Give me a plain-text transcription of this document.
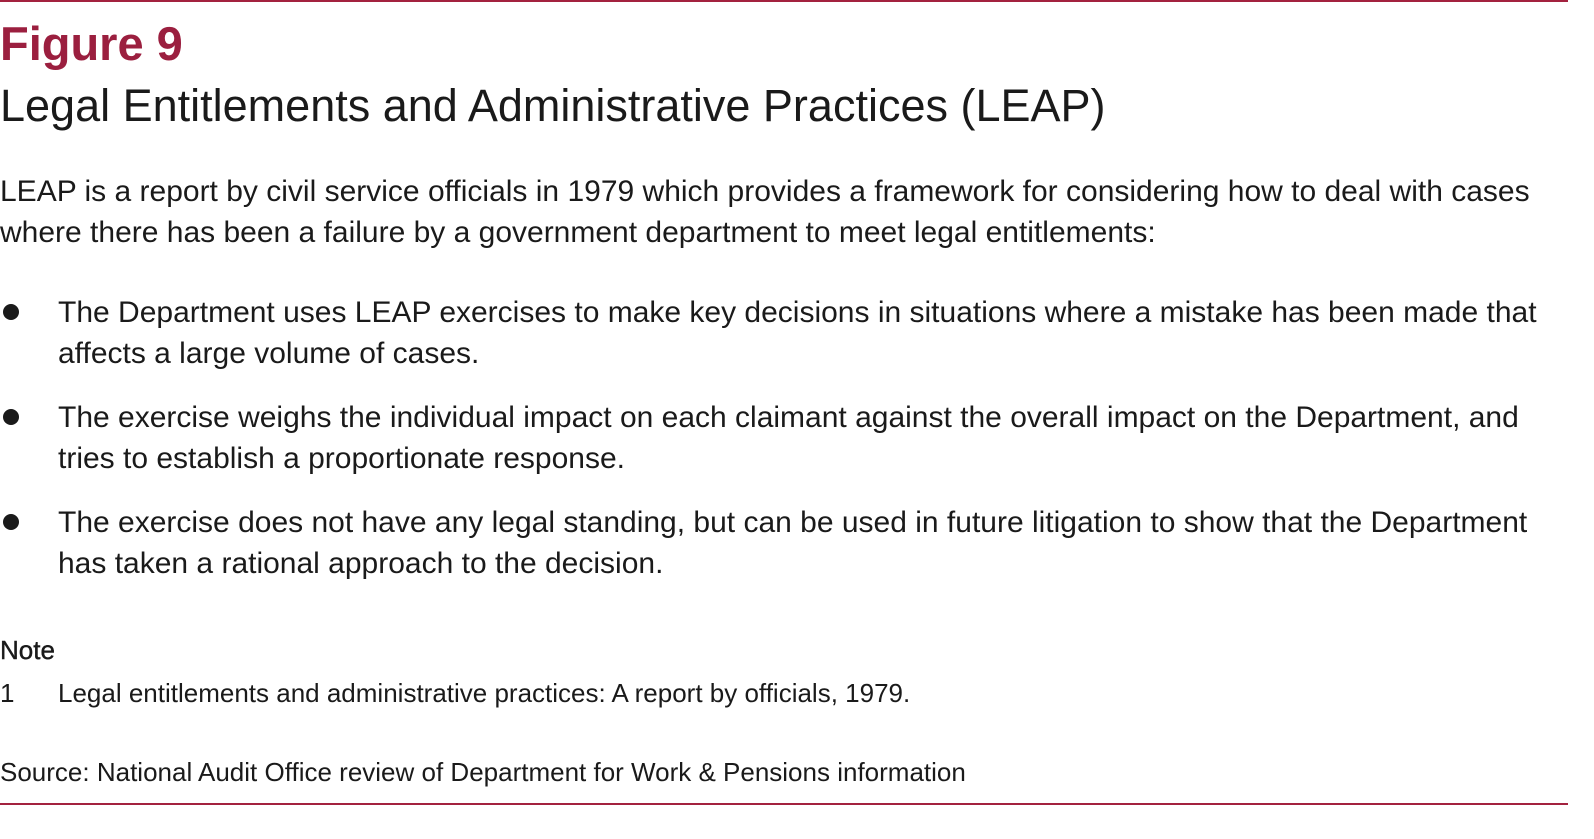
Figure 9
Legal Entitlements and Administrative Practices (LEAP)

LEAP is a report by civil service officials in 1979 which provides a framework for considering how to deal with cases where there has been a failure by a government department to meet legal entitlements:

The Department uses LEAP exercises to make key decisions in situations where a mistake has been made that affects a large volume of cases.
The exercise weighs the individual impact on each claimant against the overall impact on the Department, and tries to establish a proportionate response.
The exercise does not have any legal standing, but can be used in future litigation to show that the Department has taken a rational approach to the decision.
Note
1 Legal entitlements and administrative practices: A report by officials, 1979.

Source: National Audit Office review of Department for Work & Pensions information
